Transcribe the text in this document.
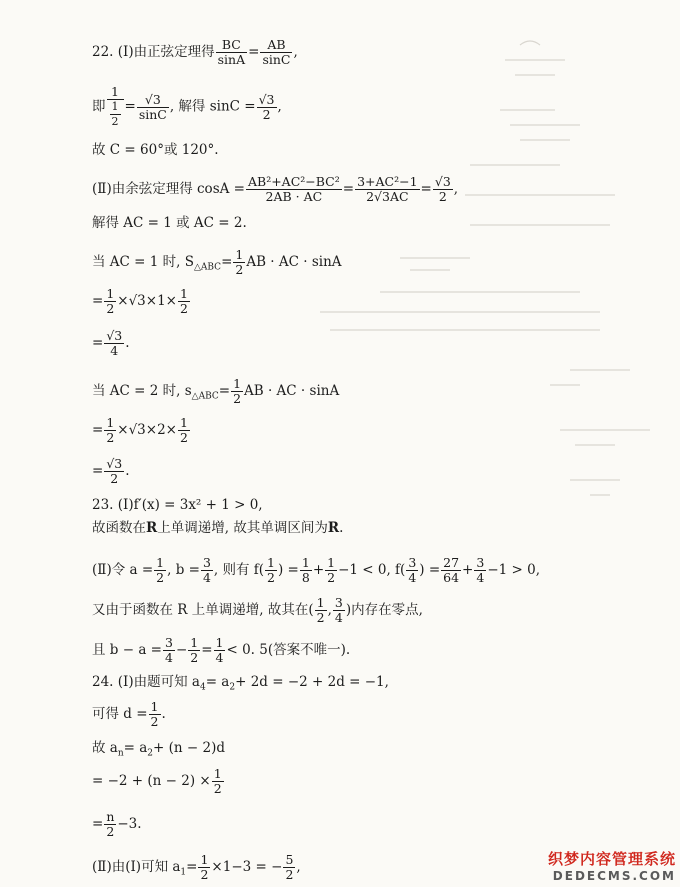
22. (Ⅰ)由正弦定理得 $\frac{BC}{\sin A} = \frac{AB}{\sin C}$ ,
即 $\frac{1}{\frac{1}{2}} = \frac{√3}{\sin C}$ , 解得 $\sin C = \frac{√3}{2}$ ,
故 C = 60°或 120°.
(Ⅱ)由余弦定理得 $\cos A = \frac{\text{AB²+AC²−BC²}}{2AB \cdot AC} = \frac{\text{3+AC²−1}}{2√3AC} = \frac{√3}{2}$ ,
解得 AC = 1 或 AC = 2.
当 AC = 1 时, $S_{\triangle ABC}= \frac{1}{2}$ AB · AC · sinA
= $\frac{1}{2} \times√3\times 1\times \frac{1}{2}$
= $\frac{√3}{4}$ .
当 AC = 2 时, $s_{\triangle ABC}= \frac{1}{2}$ AB · AC · sinA
= $\frac{1}{2} \times√3\times 2\times \frac{1}{2}$
= $\frac{√3}{2}$ .
23. (Ⅰ)f′(x) = 3x² + 1 > 0,
故函数在R上单调递增, 故其单调区间为R.
(Ⅱ)令 $a = \frac{1}{2}$ , $b = \frac{3}{4}$ , 则有 $f( \frac{1}{2}$ ) = $\frac{1}{8} + \frac{1}{2} -1 < 0$, $f( \frac{3}{4}$ ) = $\frac{27}{64} + \frac{3}{4} -1 > 0$,
又由于函数在 R 上单调递增, 故其在( $\frac{1}{2}$ , $\frac{3}{4}$ )内存在零点,
且 $b - a = \frac{3}{4} - \frac{1}{2} = \frac{1}{4} < 0$. 5(答案不唯一).
24. (Ⅰ)由题可知 $a_4= a_2+ 2d = -2 + 2d = -1$,
可得 $d = \frac{1}{2}$ .
故 $a_n= a_2+ (n - 2)d$
= $-2 + (n - 2) \times \frac{1}{2}$
= $\frac{n}{2} -3$.
(Ⅱ)由(Ⅰ)可知 $a_1= \frac{1}{2} \times 1-3$ = − $\frac{5}{2}$ ,	织梦内容管理系统
DEDECMS.COM
